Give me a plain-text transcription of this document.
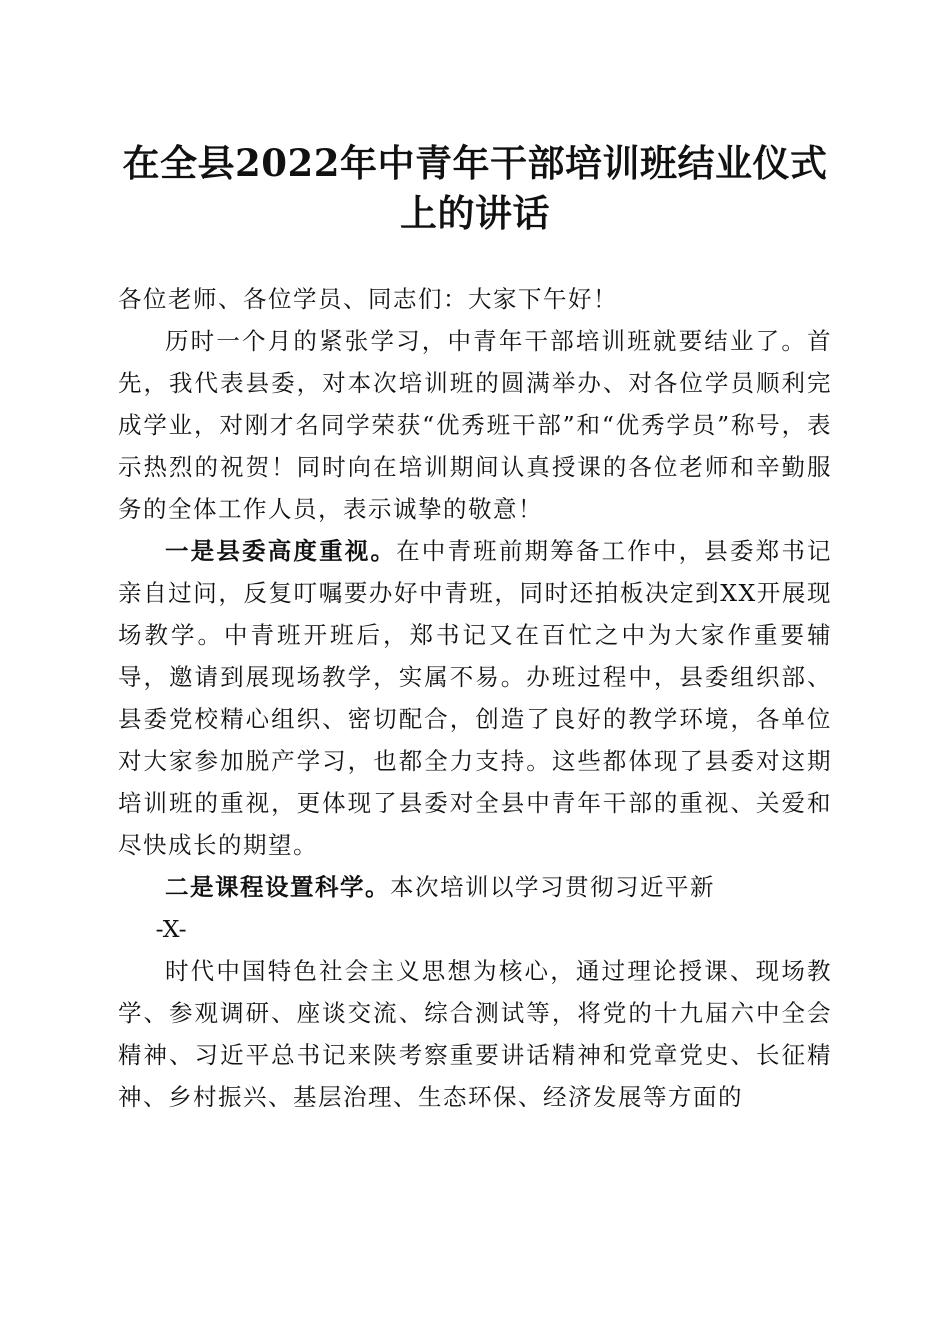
在全县2022年中青年干部培训班结业仪式上的讲话

各位老师、各位学员、同志们：大家下午好！

历时一个月的紧张学习，中青年干部培训班就要结业了。首先，我代表县委，对本次培训班的圆满举办、对各位学员顺利完成学业，对刚才名同学荣获“优秀班干部”和“优秀学员”称号，表示热烈的祝贺！同时向在培训期间认真授课的各位老师和辛勤服务的全体工作人员，表示诚挚的敬意！

一是县委高度重视。在中青班前期筹备工作中，县委郑书记亲自过问，反复叮嘱要办好中青班，同时还拍板决定到XX开展现场教学。中青班开班后，郑书记又在百忙之中为大家作重要辅导，邀请到展现场教学，实属不易。办班过程中，县委组织部、县委党校精心组织、密切配合，创造了良好的教学环境，各单位对大家参加脱产学习，也都全力支持。这些都体现了县委对这期培训班的重视，更体现了县委对全县中青年干部的重视、关爱和尽快成长的期望。

二是课程设置科学。本次培训以学习贯彻习近平新

-X-

时代中国特色社会主义思想为核心，通过理论授课、现场教学、参观调研、座谈交流、综合测试等，将党的十九届六中全会精神、习近平总书记来陕考察重要讲话精神和党章党史、长征精神、乡村振兴、基层治理、生态环保、经济发展等方面的
